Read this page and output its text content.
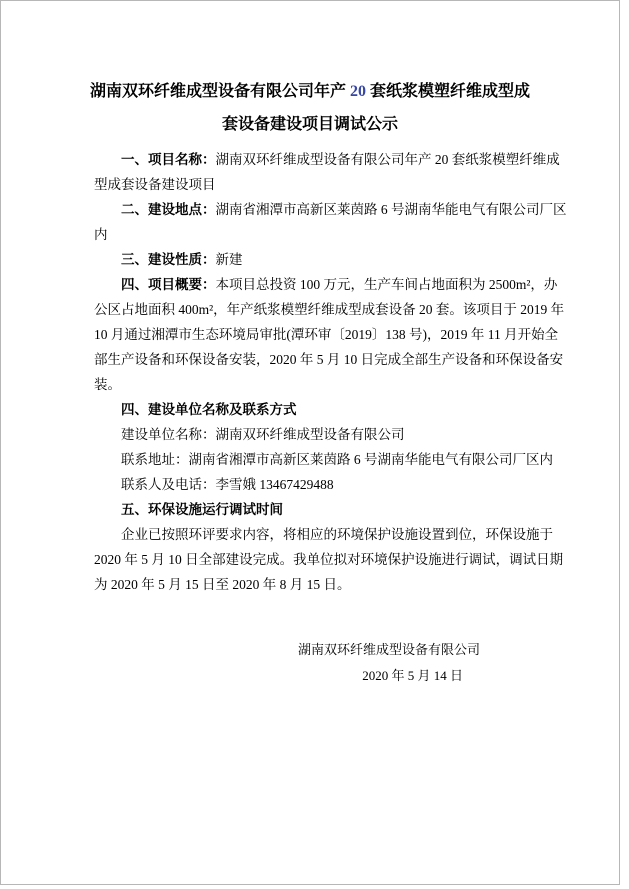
湖南双环纤维成型设备有限公司年产 20 套纸浆模塑纤维成型成
套设备建设项目调试公示
一、项目名称：湖南双环纤维成型设备有限公司年产 20 套纸浆模塑纤维成
型成套设备建设项目
二、建设地点：湖南省湘潭市高新区莱茵路 6 号湖南华能电气有限公司厂区
内
三、建设性质：新建
四、项目概要：本项目总投资 100 万元，生产车间占地面积为 2500m²，办
公区占地面积 400m²，年产纸浆模塑纤维成型成套设备 20 套。该项目于 2019 年
10 月通过湘潭市生态环境局审批(潭环审〔2019〕138 号)，2019 年 11 月开始全
部生产设备和环保设备安装，2020 年 5 月 10 日完成全部生产设备和环保设备安
装。
四、建设单位名称及联系方式
建设单位名称：湖南双环纤维成型设备有限公司
联系地址：湖南省湘潭市高新区莱茵路 6 号湖南华能电气有限公司厂区内
联系人及电话：李雪娥 13467429488
五、环保设施运行调试时间
企业已按照环评要求内容，将相应的环境保护设施设置到位，环保设施于
2020 年 5 月 10 日全部建设完成。我单位拟对环境保护设施进行调试，调试日期
为 2020 年 5 月 15 日至 2020 年 8 月 15 日。
湖南双环纤维成型设备有限公司
2020 年 5 月 14 日
